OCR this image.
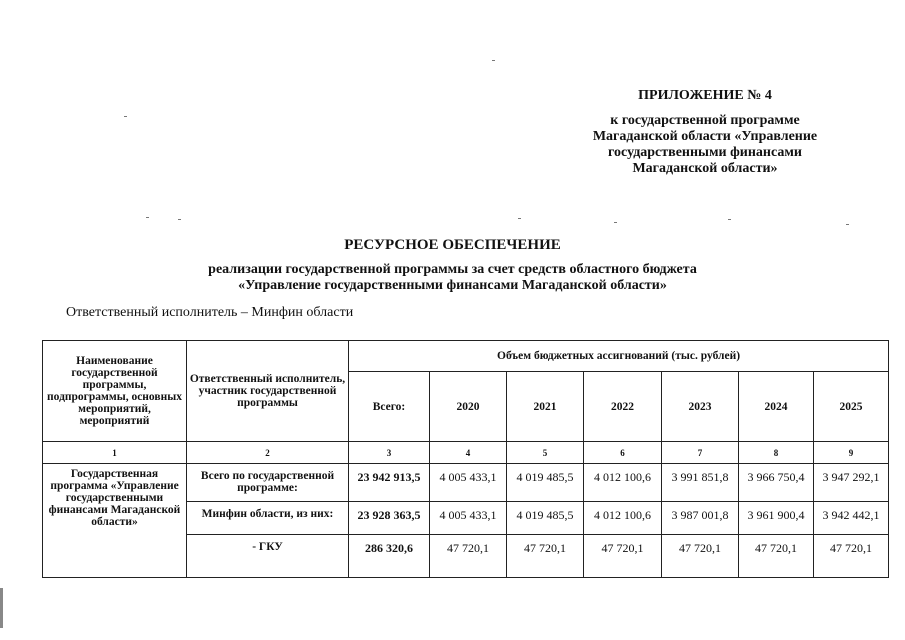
ПРИЛОЖЕНИЕ № 4
к государственной программе
Магаданской области «Управление
государственными финансами
Магаданской области»
РЕСУРСНОЕ ОБЕСПЕЧЕНИЕ
реализации государственной программы за счет средств областного бюджета
«Управление государственными финансами Магаданской области»
Ответственный исполнитель – Минфин области
Наименование государственной программы, подпрограммы, основных мероприятий, мероприятий	Ответственный исполнитель, участник государственной программы	Объем бюджетных ассигнований (тыс. рублей)						
		Всего:	2020	2021	2022	2023	2024	2025
1	2	3	4	5	6	7	8	9
Государственная программа «Управление государственными финансами Магаданской области»	Всего по государственной программе:	23 942 913,5	4 005 433,1	4 019 485,5	4 012 100,6	3 991 851,8	3 966 750,4	3 947 292,1
	Минфин области, из них:	23 928 363,5	4 005 433,1	4 019 485,5	4 012 100,6	3 987 001,8	3 961 900,4	3 942 442,1
	- ГКУ	286 320,6	47 720,1	47 720,1	47 720,1	47 720,1	47 720,1	47 720,1
